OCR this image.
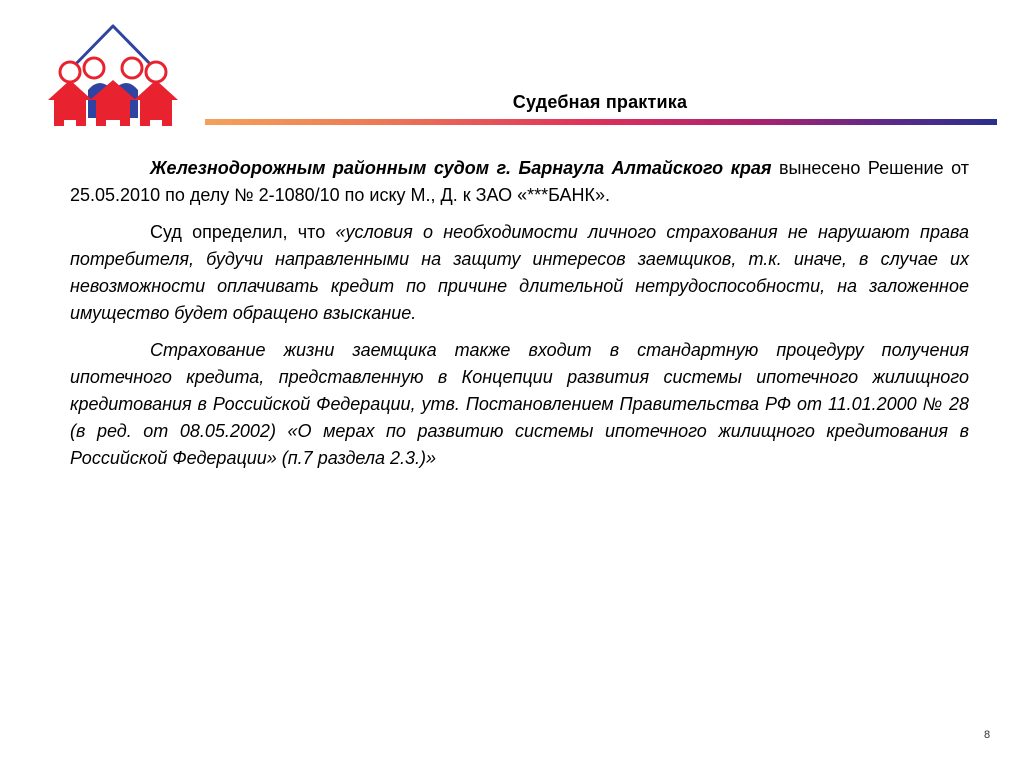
Судебная практика

Железнодорожным районным судом г. Барнаула Алтайского края вынесено Решение от 25.05.2010 по делу № 2-1080/10 по иску М., Д. к ЗАО «***БАНК».

Суд определил, что «условия о необходимости личного страхования не нарушают права потребителя, будучи направленными на защиту интересов заемщиков, т.к. иначе, в случае их невозможности оплачивать кредит по причине длительной нетрудоспособности, на заложенное имущество будет обращено взыскание.

Страхование жизни заемщика также входит в стандартную процедуру получения ипотечного кредита, представленную в Концепции развития системы ипотечного жилищного кредитования в Российской Федерации, утв. Постановлением Правительства РФ от 11.01.2000 № 28 (в ред. от 08.05.2002) «О мерах по развитию системы ипотечного жилищного кредитования в Российской Федерации» (п.7 раздела 2.3.)»

8
